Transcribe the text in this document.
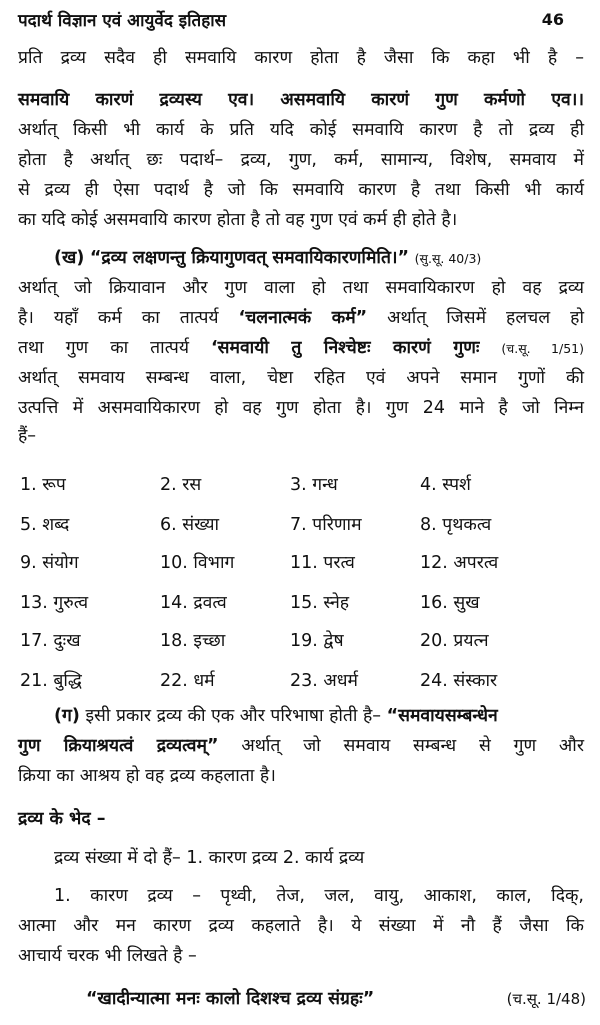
पदार्थ विज्ञान एवं आयुर्वेद इतिहास	46
प्रति द्रव्य सदैव ही समवायि कारण होता है जैसा कि कहा भी है –
समवायि कारणं द्रव्यस्य एव। असमवायि कारणं गुण कर्मणो एव।।
अर्थात् किसी भी कार्य के प्रति यदि कोई समवायि कारण है तो द्रव्य ही
होता है अर्थात् छः पदार्थ– द्रव्य, गुण, कर्म, सामान्य, विशेष, समवाय में
से द्रव्य ही ऐसा पदार्थ है जो कि समवायि कारण है तथा किसी भी कार्य
का यदि कोई असमवायि कारण होता है तो वह गुण एवं कर्म ही होते है।
(ख) “द्रव्य लक्षणन्तु क्रियागुणवत् समवायिकारणमिति।” (सु.सू. 40/3)
अर्थात् जो क्रियावान और गुण वाला हो तथा समवायिकारण हो वह द्रव्य
है। यहाँ कर्म का तात्पर्य ‘चलनात्मकं कर्म” अर्थात् जिसमें हलचल हो
तथा गुण का तात्पर्य ‘समवायी तु निश्चेष्टः कारणं गुणः (च.सू. 1/51)
अर्थात् समवाय सम्बन्ध वाला, चेष्टा रहित एवं अपने समान गुणों की
उत्पत्ति में असमवायिकारण हो वह गुण होता है। गुण 24 माने है जो निम्न
हैं–
1. रूप	2. रस	3. गन्ध	4. स्पर्श
5. शब्द	6. संख्या	7. परिणाम	8. पृथकत्व
9. संयोग	10. विभाग	11. परत्व	12. अपरत्व
13. गुरुत्व	14. द्रवत्व	15. स्नेह	16. सुख
17. दुःख	18. इच्छा	19. द्वेष	20. प्रयत्न
21. बुद्धि	22. धर्म	23. अधर्म	24. संस्कार
(ग) इसी प्रकार द्रव्य की एक और परिभाषा होती है– “समवायसम्बन्धेन
गुण क्रियाश्रयत्वं द्रव्यत्वम्” अर्थात् जो समवाय सम्बन्ध से गुण और
क्रिया का आश्रय हो वह द्रव्य कहलाता है।
द्रव्य के भेद –
द्रव्य संख्या में दो हैं– 1. कारण द्रव्य 2. कार्य द्रव्य
1. कारण द्रव्य – पृथ्वी, तेज, जल, वायु, आकाश, काल, दिक्,
आत्मा और मन कारण द्रव्य कहलाते है। ये संख्या में नौ हैं जैसा कि
आचार्य चरक भी लिखते है –
“खादीन्यात्मा मनः कालो दिशश्च द्रव्य संग्रहः”	(च.सू. 1/48)
